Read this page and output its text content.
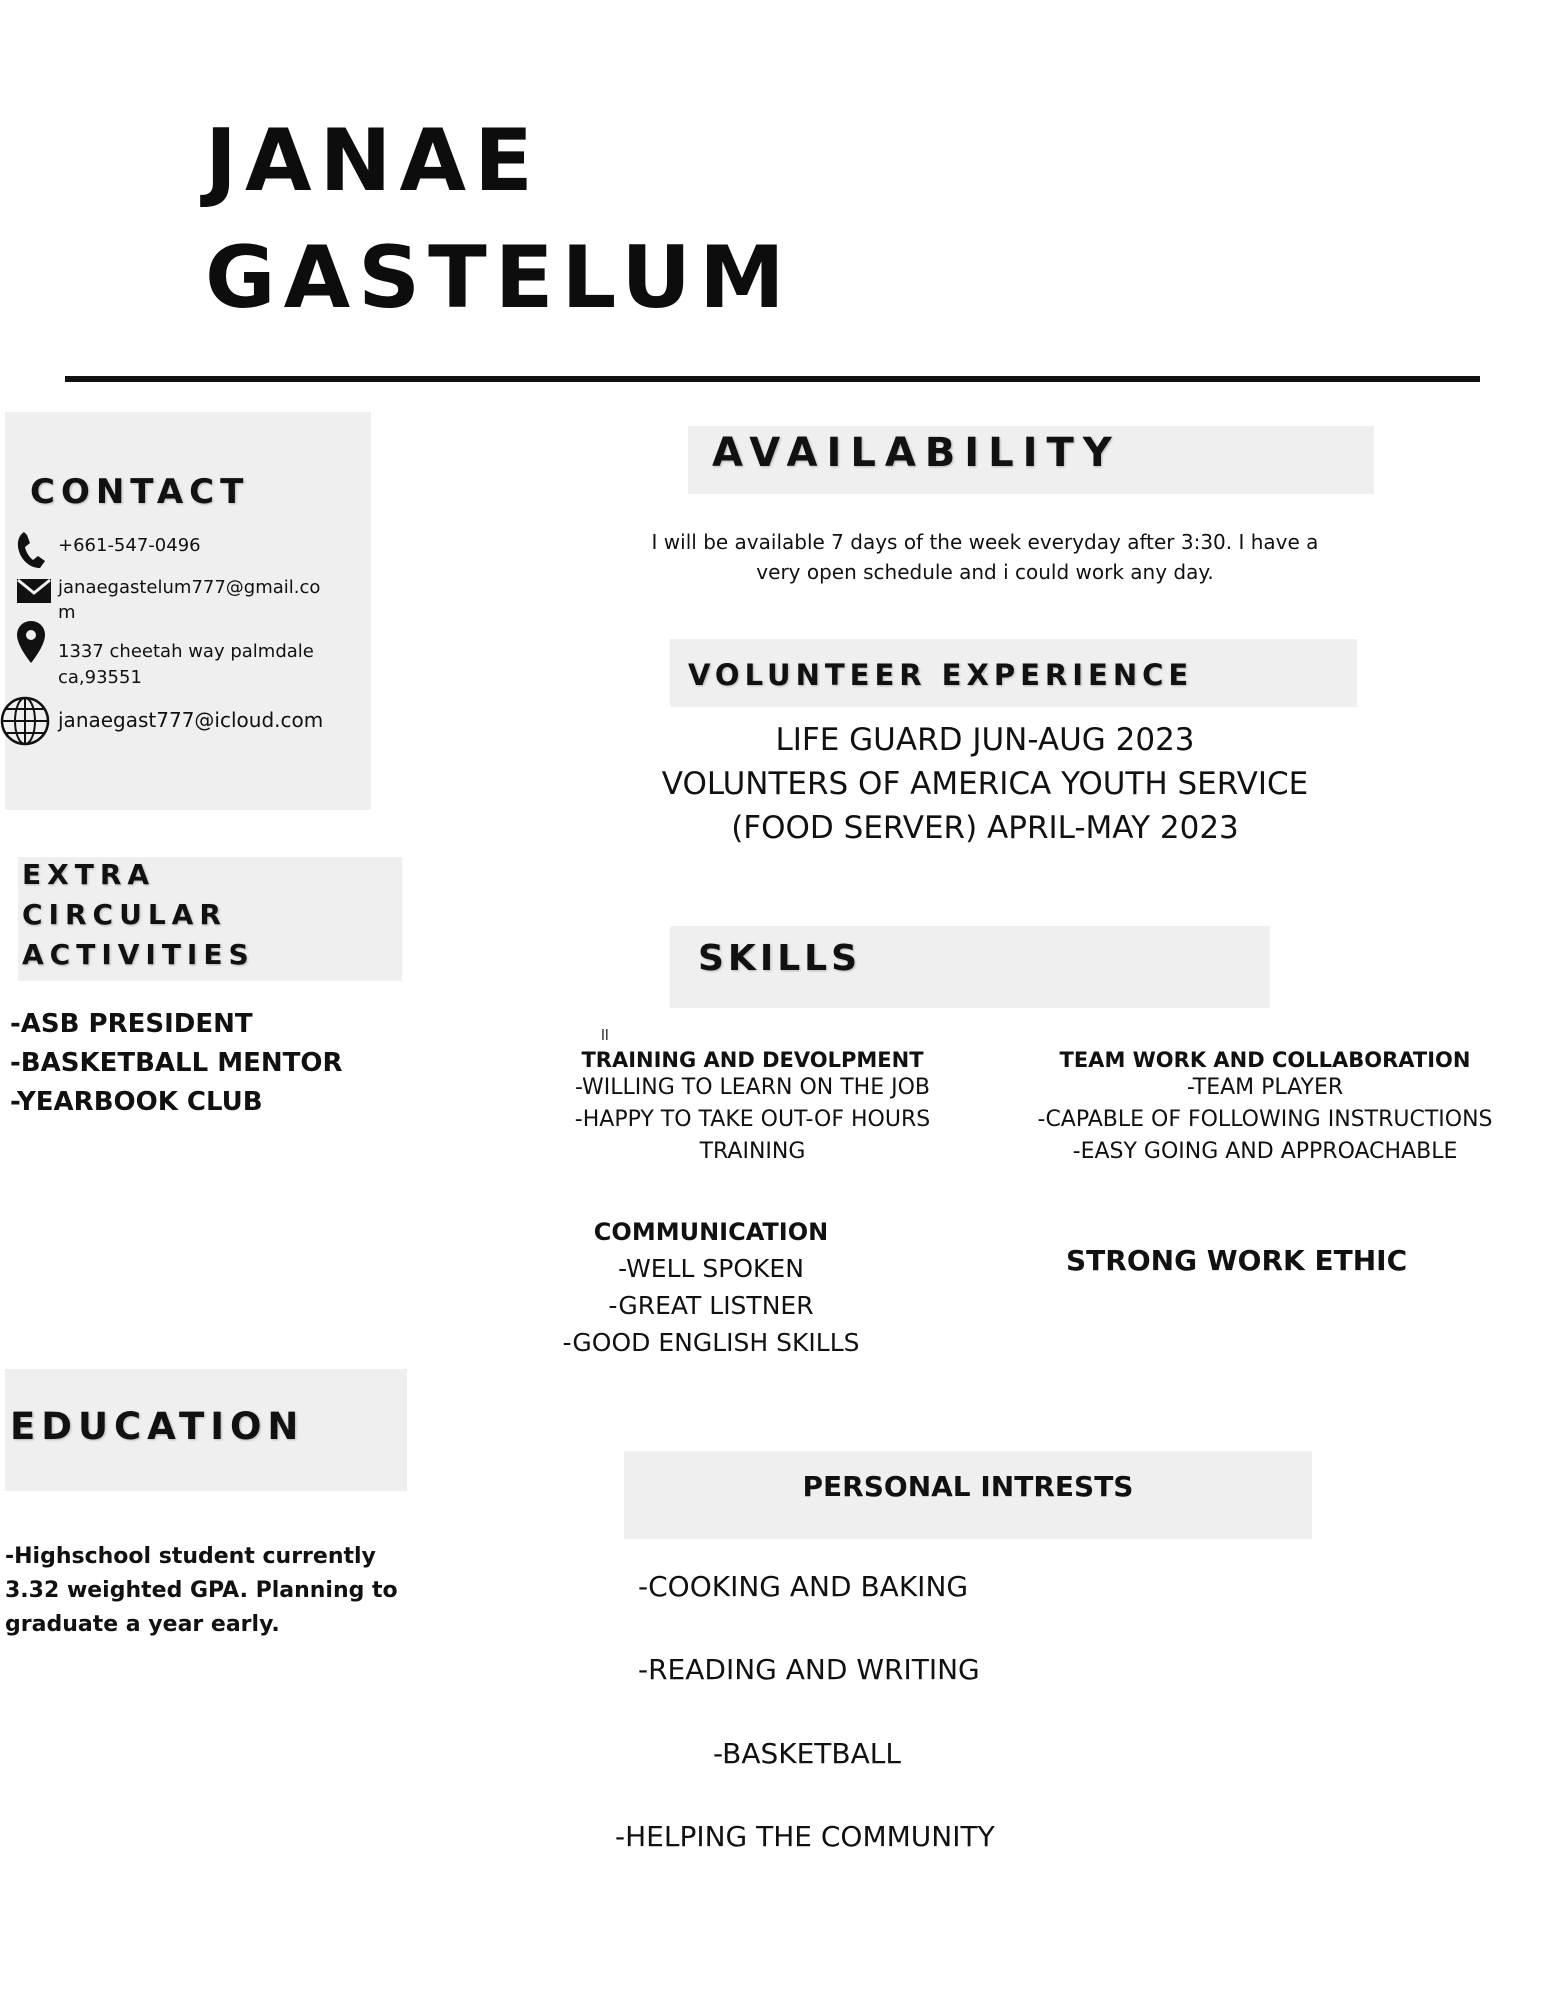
JANAE
GASTELUM
CONTACT
+661-547-0496
janaegastelum777@gmail.co
m
1337 cheetah way palmdale
ca,93551
janaegast777@icloud.com
EXTRA
CIRCULAR
ACTIVITIES
-ASB PRESIDENT
-BASKETBALL MENTOR
-YEARBOOK CLUB
EDUCATION
-Highschool student currently
3.32 weighted GPA. Planning to
graduate a year early.
AVAILABILITY
I will be available 7 days of the week everyday after 3:30. I have a
very open schedule and i could work any day.
VOLUNTEER EXPERIENCE
LIFE GUARD JUN-AUG 2023
VOLUNTERS OF AMERICA YOUTH SERVICE
(FOOD SERVER) APRIL-MAY 2023
SKILLS
ll
TRAINING AND DEVOLPMENT
-WILLING TO LEARN ON THE JOB
-HAPPY TO TAKE OUT-OF HOURS
TRAINING
TEAM WORK AND COLLABORATION
-TEAM PLAYER
-CAPABLE OF FOLLOWING INSTRUCTIONS
-EASY GOING AND APPROACHABLE
COMMUNICATION
-WELL SPOKEN
-GREAT LISTNER
-GOOD ENGLISH SKILLS
STRONG WORK ETHIC
PERSONAL INTRESTS
-COOKING AND BAKING
-READING AND WRITING
-BASKETBALL
-HELPING THE COMMUNITY
